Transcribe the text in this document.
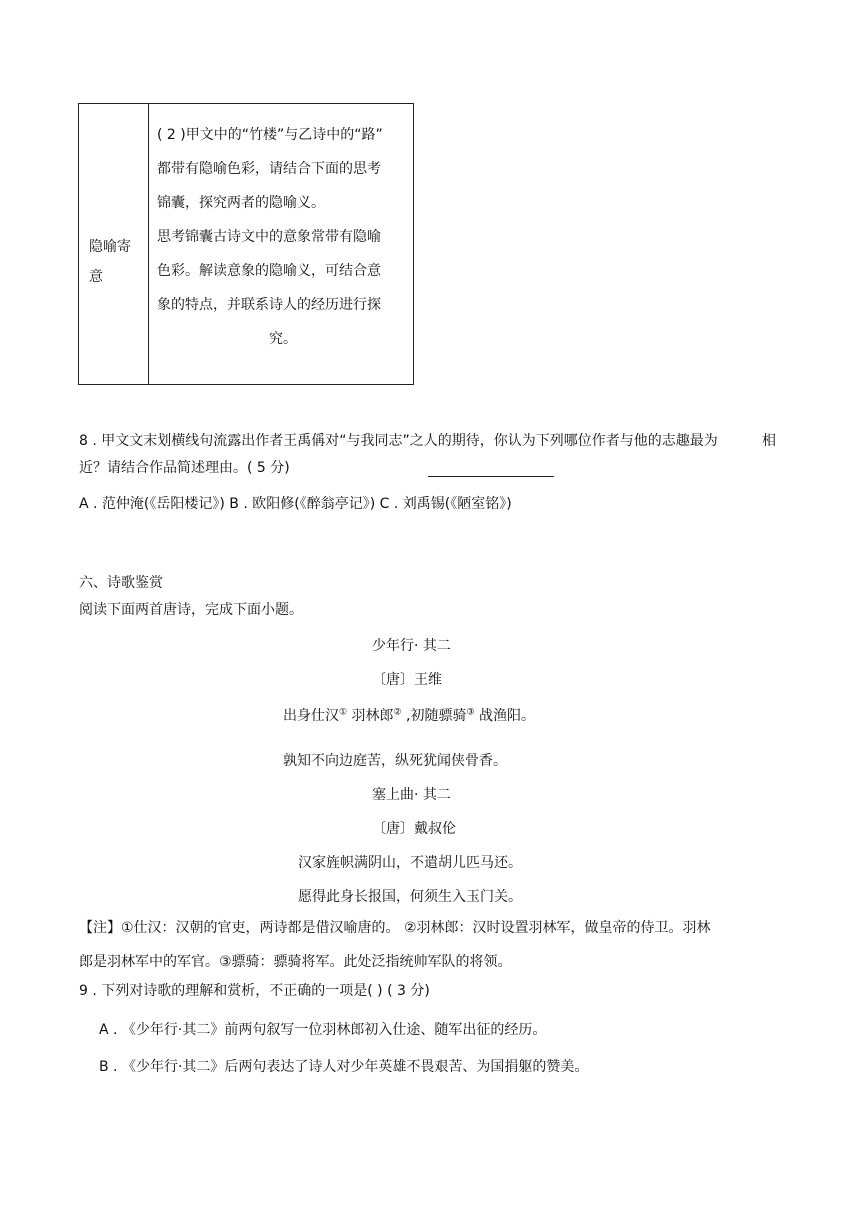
隐喻寄
意
( 2 )甲文中的“竹楼”与乙诗中的“路”
都带有隐喻色彩，请结合下面的思考
锦囊，探究两者的隐喻义。
思考锦囊古诗文中的意象常带有隐喻
色彩。解读意象的隐喻义，可结合意
象的特点，并联系诗人的经历进行探
究。
8 . 甲文文末划横线句流露出作者王禹偁对“与我同志”之人的期待，你认为下列哪位作者与他的志趣最为	相
近？请结合作品简述理由。( 5 分)
A . 范仲淹(《岳阳楼记》) B . 欧阳修(《醉翁亭记》) C . 刘禹锡(《陋室铭》)
六、诗歌鉴赏
阅读下面两首唐诗，完成下面小题。
少年行· 其二
〔唐〕王维
出身仕汉① 羽林郎② ,初随骠骑③ 战渔阳。
孰知不向边庭苦，纵死犹闻侠骨香。
塞上曲· 其二
〔唐〕戴叔伦
汉家旌帜满阴山，不遣胡儿匹马还。
愿得此身长报国，何须生入玉门关。
【注】①仕汉：汉朝的官吏，两诗都是借汉喻唐的。 ②羽林郎：汉时设置羽林军，做皇帝的侍卫。羽林
郎是羽林军中的军官。③骠骑：骠骑将军。此处泛指统帅军队的将领。
9 . 下列对诗歌的理解和赏析，不正确的一项是( ) ( 3 分)
A . 《少年行·其二》前两句叙写一位羽林郎初入仕途、随军出征的经历。
B . 《少年行·其二》后两句表达了诗人对少年英雄不畏艰苦、为国捐躯的赞美。
